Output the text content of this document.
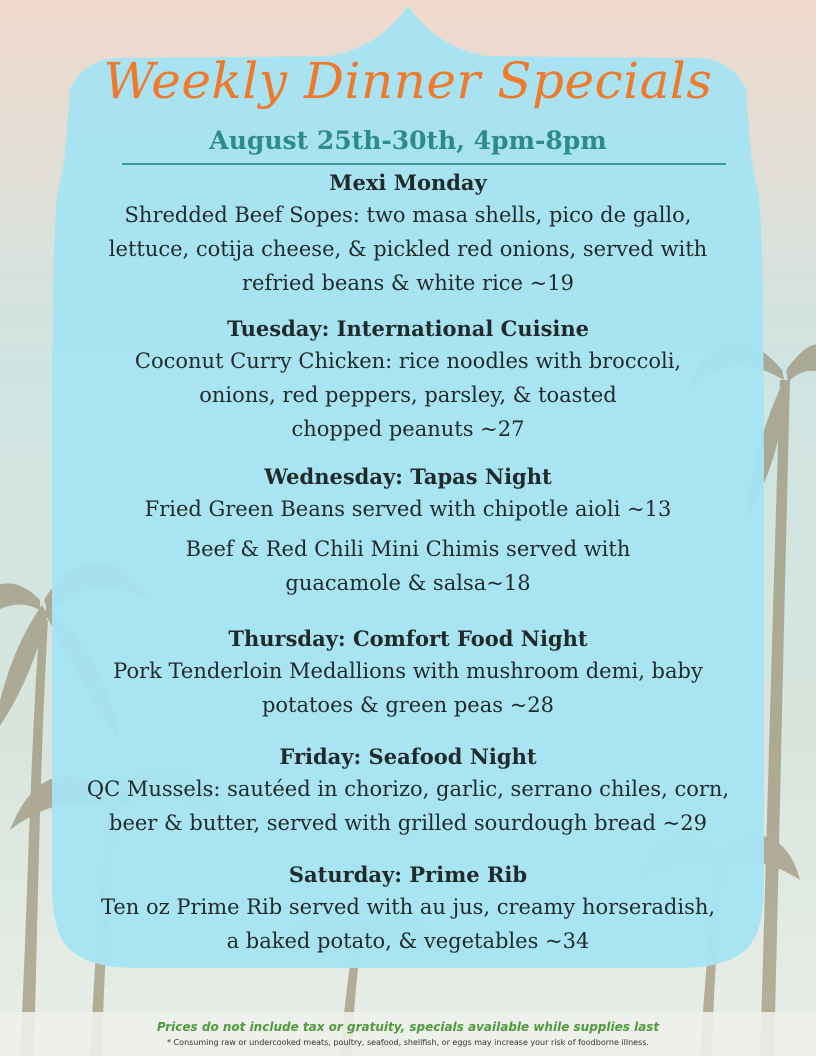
Weekly Dinner Specials
August 25th-30th, 4pm-8pm
Mexi Monday
Shredded Beef Sopes: two masa shells, pico de gallo,
lettuce, cotija cheese, & pickled red onions, served with
refried beans & white rice ~19
Tuesday: International Cuisine
Coconut Curry Chicken: rice noodles with broccoli,
onions, red peppers, parsley, & toasted
chopped peanuts ~27
Wednesday: Tapas Night
Fried Green Beans served with chipotle aioli ~13
Beef & Red Chili Mini Chimis served with
guacamole & salsa~18
Thursday: Comfort Food Night
Pork Tenderloin Medallions with mushroom demi, baby
potatoes & green peas ~28
Friday: Seafood Night
QC Mussels: sautéed in chorizo, garlic, serrano chiles, corn,
beer & butter, served with grilled sourdough bread ~29
Saturday: Prime Rib
Ten oz Prime Rib served with au jus, creamy horseradish,
a baked potato, & vegetables ~34
Prices do not include tax or gratuity, specials available while supplies last
* Consuming raw or undercooked meats, poultry, seafood, shellfish, or eggs may increase your risk of foodborne illness.
